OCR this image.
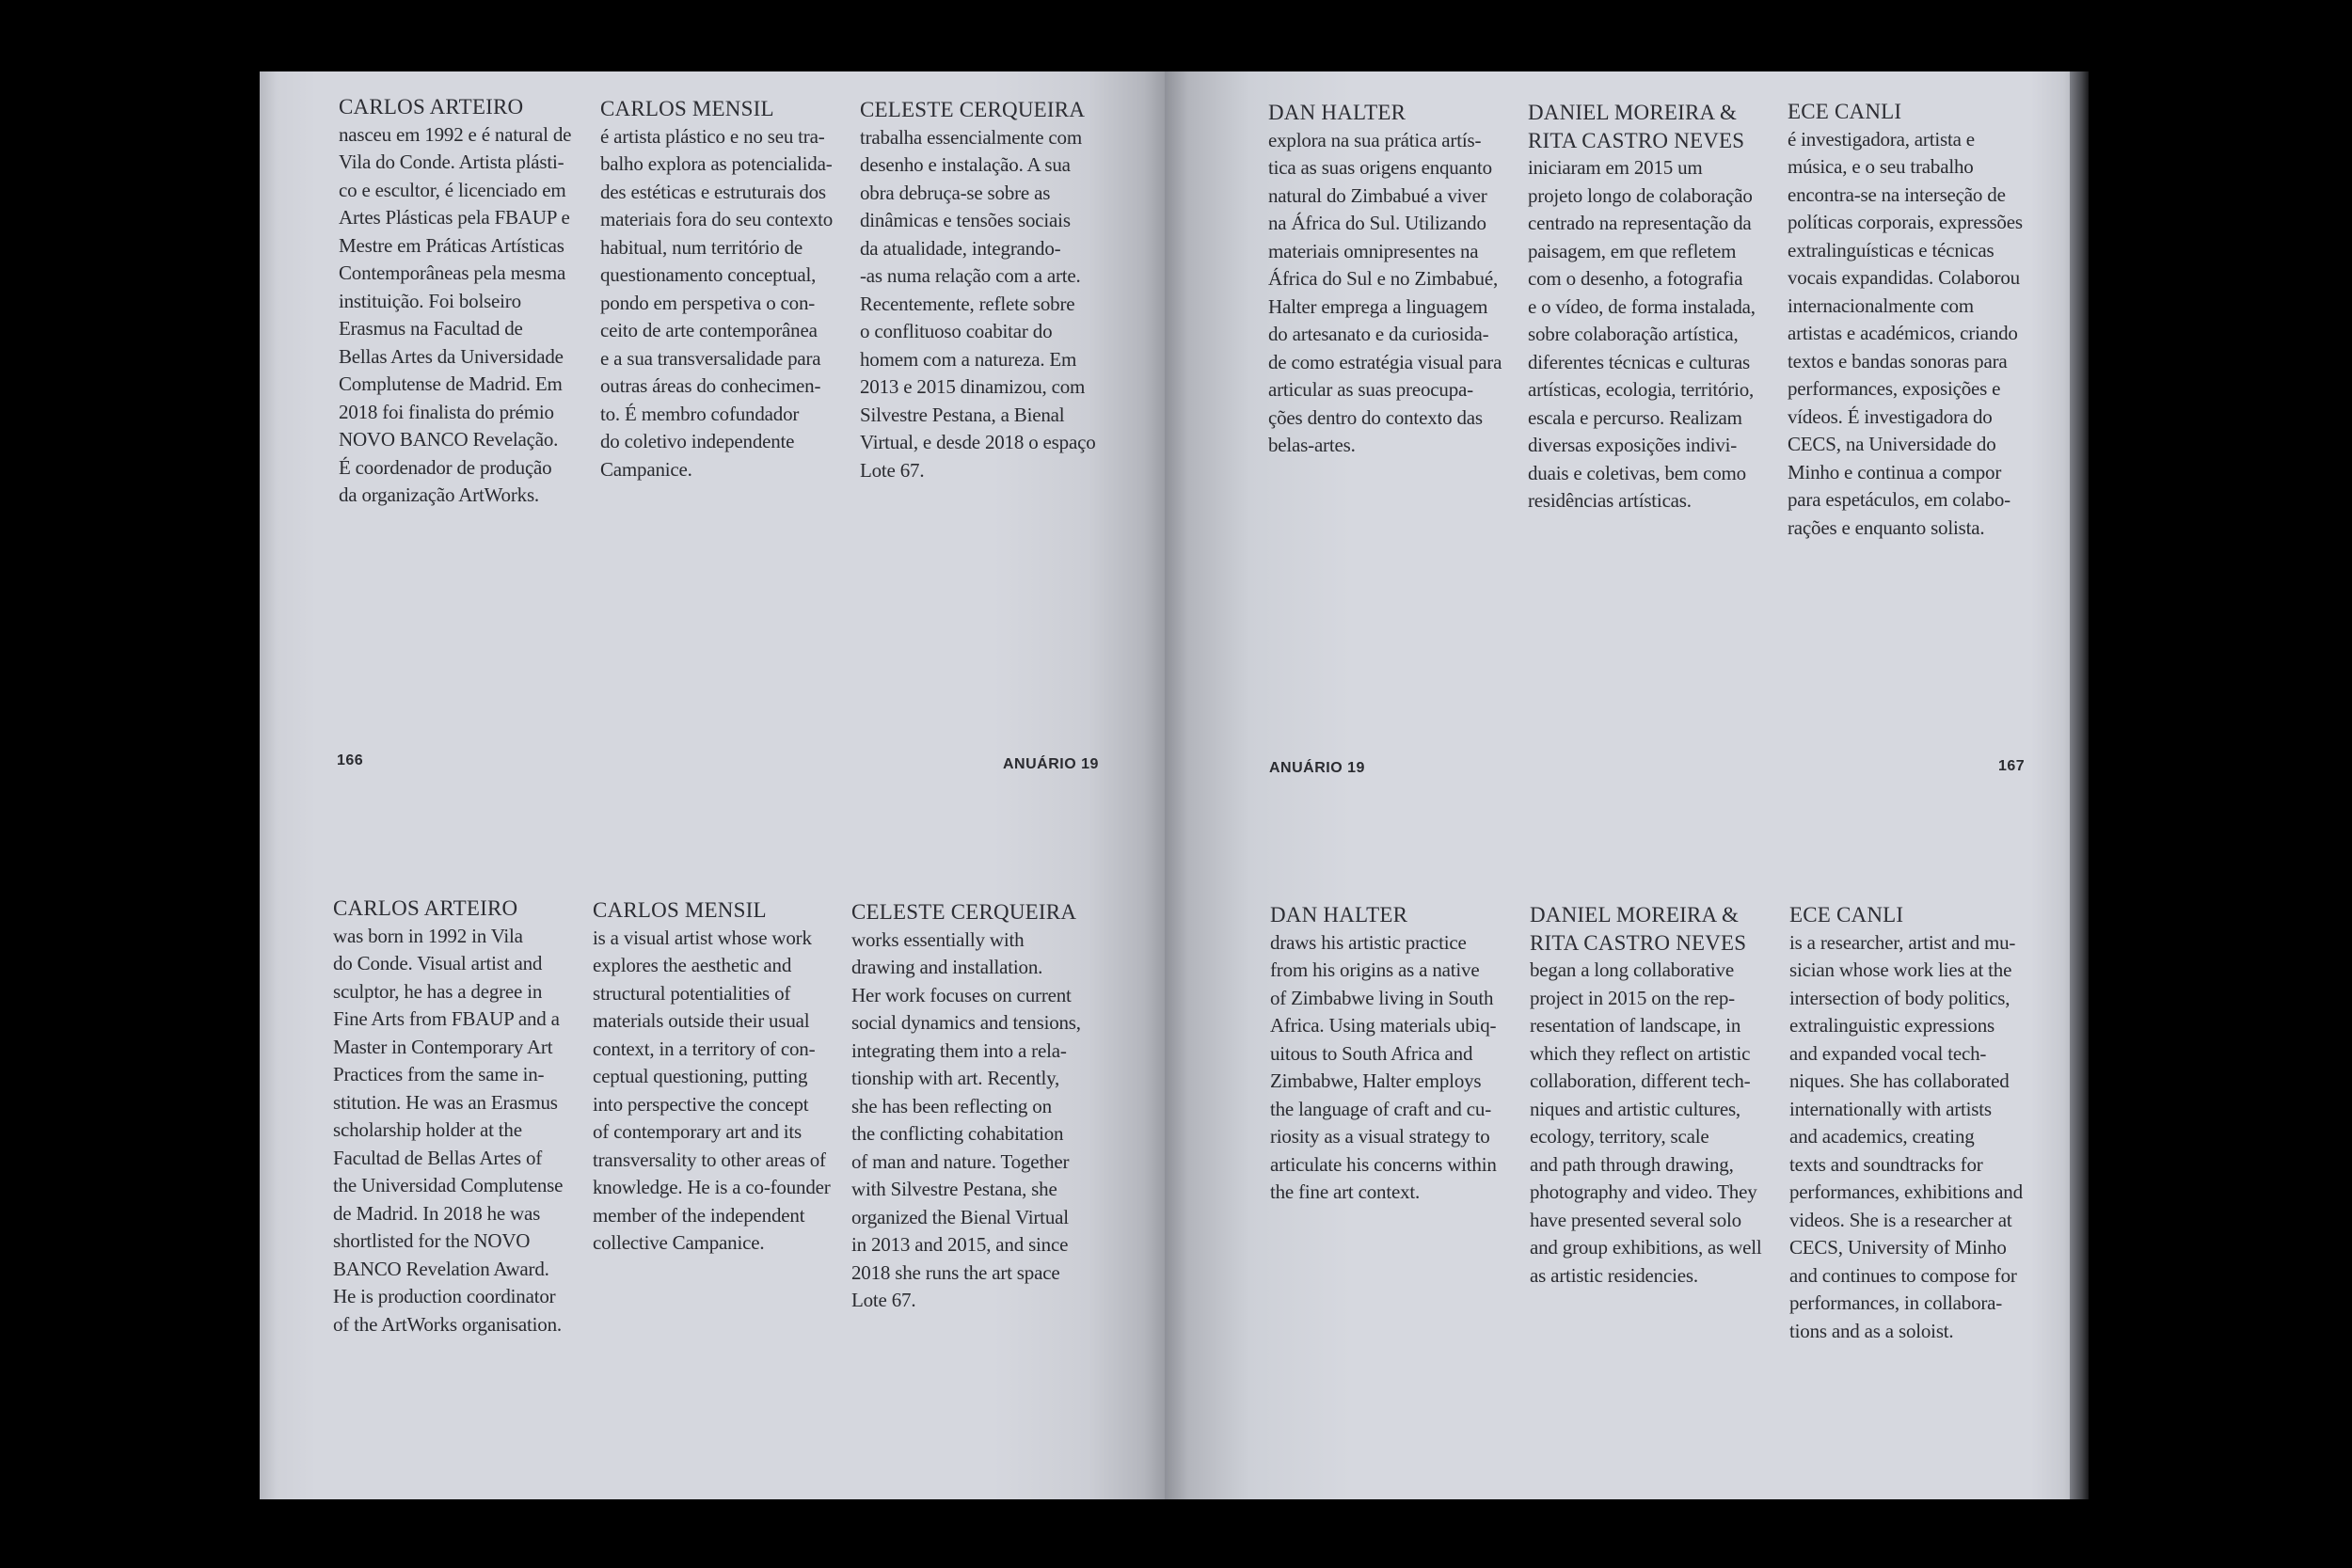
CARLOS ARTEIRO
nasceu em 1992 e é natural de
Vila do Conde. Artista plásti-
co e escultor, é licenciado em
Artes Plásticas pela FBAUP e
Mestre em Práticas Artísticas
Contemporâneas pela mesma
instituição. Foi bolseiro
Erasmus na Facultad de
Bellas Artes da Universidade
Complutense de Madrid. Em
2018 foi finalista do prémio
NOVO BANCO Revelação.
É coordenador de produção
da organização ArtWorks.
CARLOS MENSIL
é artista plástico e no seu tra-
balho explora as potencialida-
des estéticas e estruturais dos
materiais fora do seu contexto
habitual, num território de
questionamento conceptual,
pondo em perspetiva o con-
ceito de arte contemporânea
e a sua transversalidade para
outras áreas do conhecimen-
to. É membro cofundador
do coletivo independente
Campanice.
CELESTE CERQUEIRA
trabalha essencialmente com
desenho e instalação. A sua
obra debruça-se sobre as
dinâmicas e tensões sociais
da atualidade, integrando-
-as numa relação com a arte.
Recentemente, reflete sobre
o conflituoso coabitar do
homem com a natureza. Em
2013 e 2015 dinamizou, com
Silvestre Pestana, a Bienal
Virtual, e desde 2018 o espaço
Lote 67.
DAN HALTER
explora na sua prática artís-
tica as suas origens enquanto
natural do Zimbabué a viver
na África do Sul. Utilizando
materiais omnipresentes na
África do Sul e no Zimbabué,
Halter emprega a linguagem
do artesanato e da curiosida-
de como estratégia visual para
articular as suas preocupa-
ções dentro do contexto das
belas-artes.
DANIEL MOREIRA &
RITA CASTRO NEVES
iniciaram em 2015 um
projeto longo de colaboração
centrado na representação da
paisagem, em que refletem
com o desenho, a fotografia
e o vídeo, de forma instalada,
sobre colaboração artística,
diferentes técnicas e culturas
artísticas, ecologia, território,
escala e percurso. Realizam
diversas exposições indivi-
duais e coletivas, bem como
residências artísticas.
ECE CANLI
é investigadora, artista e
música, e o seu trabalho
encontra-se na interseção de
políticas corporais, expressões
extralinguísticas e técnicas
vocais expandidas. Colaborou
internacionalmente com
artistas e académicos, criando
textos e bandas sonoras para
performances, exposições e
vídeos. É investigadora do
CECS, na Universidade do
Minho e continua a compor
para espetáculos, em colabo-
rações e enquanto solista.
166	ANUÁRIO 19	ANUÁRIO 19	167
CARLOS ARTEIRO
was born in 1992 in Vila
do Conde. Visual artist and
sculptor, he has a degree in
Fine Arts from FBAUP and a
Master in Contemporary Art
Practices from the same in-
stitution. He was an Erasmus
scholarship holder at the
Facultad de Bellas Artes of
the Universidad Complutense
de Madrid. In 2018 he was
shortlisted for the NOVO
BANCO Revelation Award.
He is production coordinator
of the ArtWorks organisation.
CARLOS MENSIL
is a visual artist whose work
explores the aesthetic and
structural potentialities of
materials outside their usual
context, in a territory of con-
ceptual questioning, putting
into perspective the concept
of contemporary art and its
transversality to other areas of
knowledge. He is a co-founder
member of the independent
collective Campanice.
CELESTE CERQUEIRA
works essentially with
drawing and installation.
Her work focuses on current
social dynamics and tensions,
integrating them into a rela-
tionship with art. Recently,
she has been reflecting on
the conflicting cohabitation
of man and nature. Together
with Silvestre Pestana, she
organized the Bienal Virtual
in 2013 and 2015, and since
2018 she runs the art space
Lote 67.
DAN HALTER
draws his artistic practice
from his origins as a native
of Zimbabwe living in South
Africa. Using materials ubiq-
uitous to South Africa and
Zimbabwe, Halter employs
the language of craft and cu-
riosity as a visual strategy to
articulate his concerns within
the fine art context.
DANIEL MOREIRA &
RITA CASTRO NEVES
began a long collaborative
project in 2015 on the rep-
resentation of landscape, in
which they reflect on artistic
collaboration, different tech-
niques and artistic cultures,
ecology, territory, scale
and path through drawing,
photography and video. They
have presented several solo
and group exhibitions, as well
as artistic residencies.
ECE CANLI
is a researcher, artist and mu-
sician whose work lies at the
intersection of body politics,
extralinguistic expressions
and expanded vocal tech-
niques. She has collaborated
internationally with artists
and academics, creating
texts and soundtracks for
performances, exhibitions and
videos. She is a researcher at
CECS, University of Minho
and continues to compose for
performances, in collabora-
tions and as a soloist.
